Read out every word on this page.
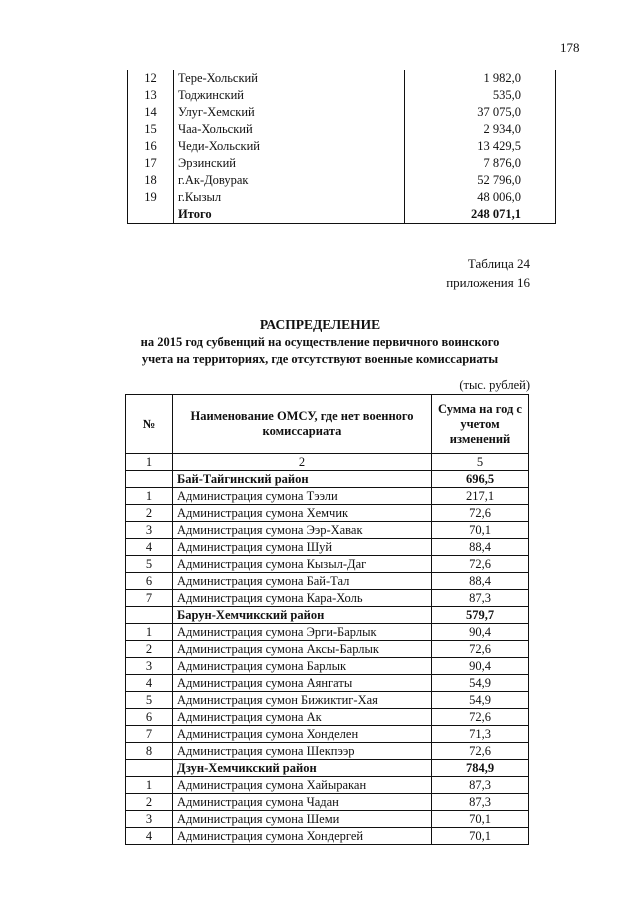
178
12	Тере-Хольский	1 982,0
13	Тоджинский	535,0
14	Улуг-Хемский	37 075,0
15	Чаа-Хольский	2 934,0
16	Чеди-Хольский	13 429,5
17	Эрзинский	7 876,0
18	г.Ак-Довурак	52 796,0
19	г.Кызыл	48 006,0
	Итого	248 071,1
Таблица 24
приложения 16
РАСПРЕДЕЛЕНИЕ
на 2015 год субвенций на осуществление первичного воинского
учета на территориях, где отсутствуют военные комиссариаты
(тыс. рублей)
№	Наименование ОМСУ, где нет военного комиссариата	Сумма на год с учетом изменений
1	2	5
	Бай-Тайгинский район	696,5
1	Администрация сумона Тээли	217,1
2	Администрация сумона Хемчик	72,6
3	Администрация сумона Ээр-Хавак	70,1
4	Администрация сумона Шуй	88,4
5	Администрация сумона Кызыл-Даг	72,6
6	Администрация сумона Бай-Тал	88,4
7	Администрация сумона Кара-Холь	87,3
	Барун-Хемчикский район	579,7
1	Администрация сумона Эрги-Барлык	90,4
2	Администрация сумона Аксы-Барлык	72,6
3	Администрация сумона Барлык	90,4
4	Администрация сумона Аянгаты	54,9
5	Администрация сумон Бижиктиг-Хая	54,9
6	Администрация сумона Ак	72,6
7	Администрация сумона Хонделен	71,3
8	Администрация сумона Шекпээр	72,6
	Дзун-Хемчикский район	784,9
1	Администрация сумона Хайыракан	87,3
2	Администрация сумона Чадан	87,3
3	Администрация сумона Шеми	70,1
4	Администрация сумона Хондергей	70,1
